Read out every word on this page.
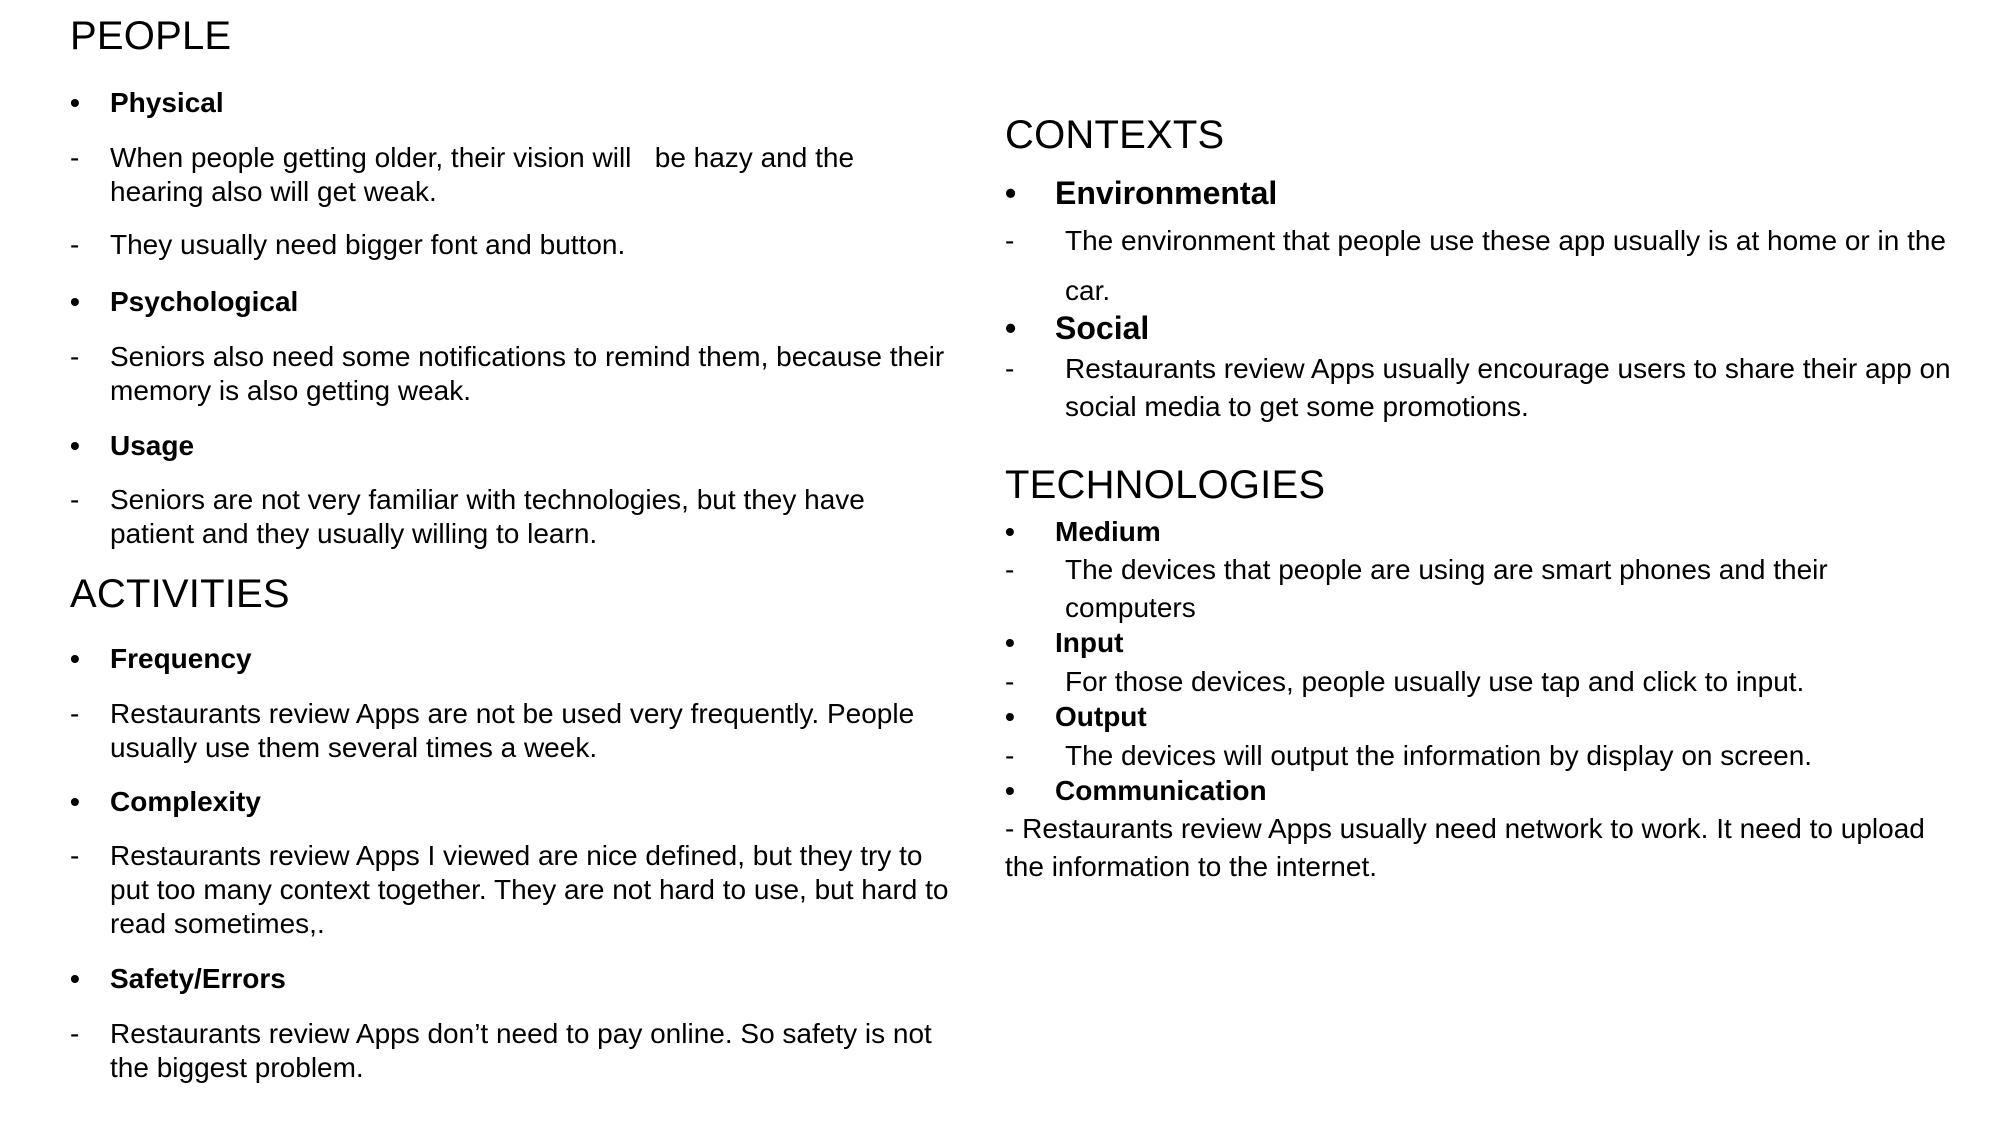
PEOPLE
• Physical
- When people getting older, their vision will   be hazy and the hearing also will get weak.
- They usually need bigger font and button.
• Psychological
- Seniors also need some notifications to remind them, because their memory is also getting weak.
• Usage
- Seniors are not very familiar with technologies, but they have patient and they usually willing to learn.
ACTIVITIES
• Frequency
- Restaurants review Apps are not be used very frequently. People usually use them several times a week.
• Complexity
- Restaurants review Apps I viewed are nice defined, but they try to put too many context together. They are not hard to use, but hard to read sometimes,.
• Safety/Errors
- Restaurants review Apps don’t need to pay online. So safety is not the biggest problem.
CONTEXTS
• Environmental
- The environment that people use these app usually is at home or in the car.
• Social
- Restaurants review Apps usually encourage users to share their app on social media to get some promotions.
TECHNOLOGIES
• Medium
- The devices that people are using are smart phones and their computers
• Input
- For those devices, people usually use tap and click to input.
• Output
- The devices will output the information by display on screen.
• Communication
- Restaurants review Apps usually need network to work. It need to upload the information to the internet.
